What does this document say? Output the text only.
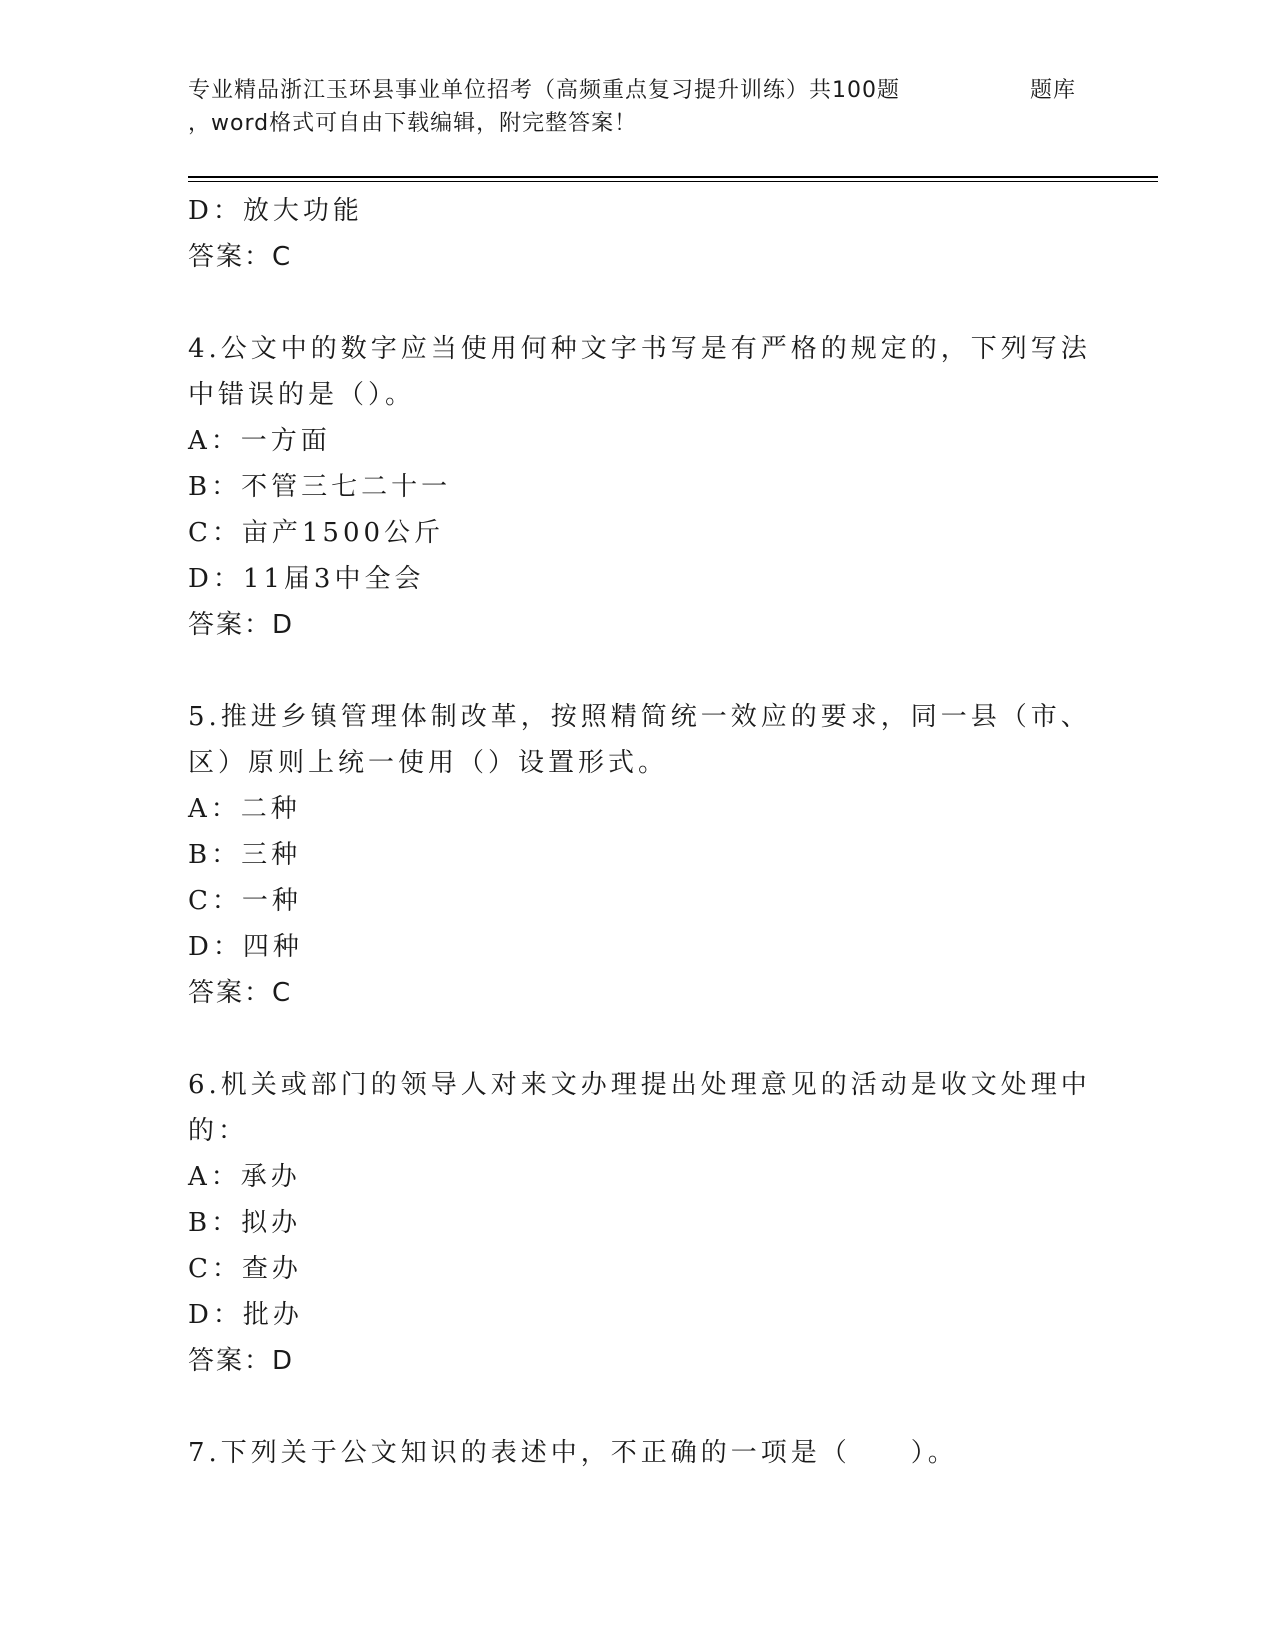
专业精品浙江玉环县事业单位招考（高频重点复习提升训练）共100题	题库
，word格式可自由下载编辑，附完整答案！
D：放大功能
答案：C
4.公文中的数字应当使用何种文字书写是有严格的规定的，下列写法
中错误的是（）。
A：一方面
B：不管三七二十一
C：亩产1500公斤
D：11届3中全会
答案：D
5.推进乡镇管理体制改革，按照精简统一效应的要求，同一县（市、
区）原则上统一使用（）设置形式。
A：二种
B：三种
C：一种
D：四种
答案：C
6.机关或部门的领导人对来文办理提出处理意见的活动是收文处理中
的：
A：承办
B：拟办
C：查办
D：批办
答案：D
7.下列关于公文知识的表述中，不正确的一项是（　　）。
